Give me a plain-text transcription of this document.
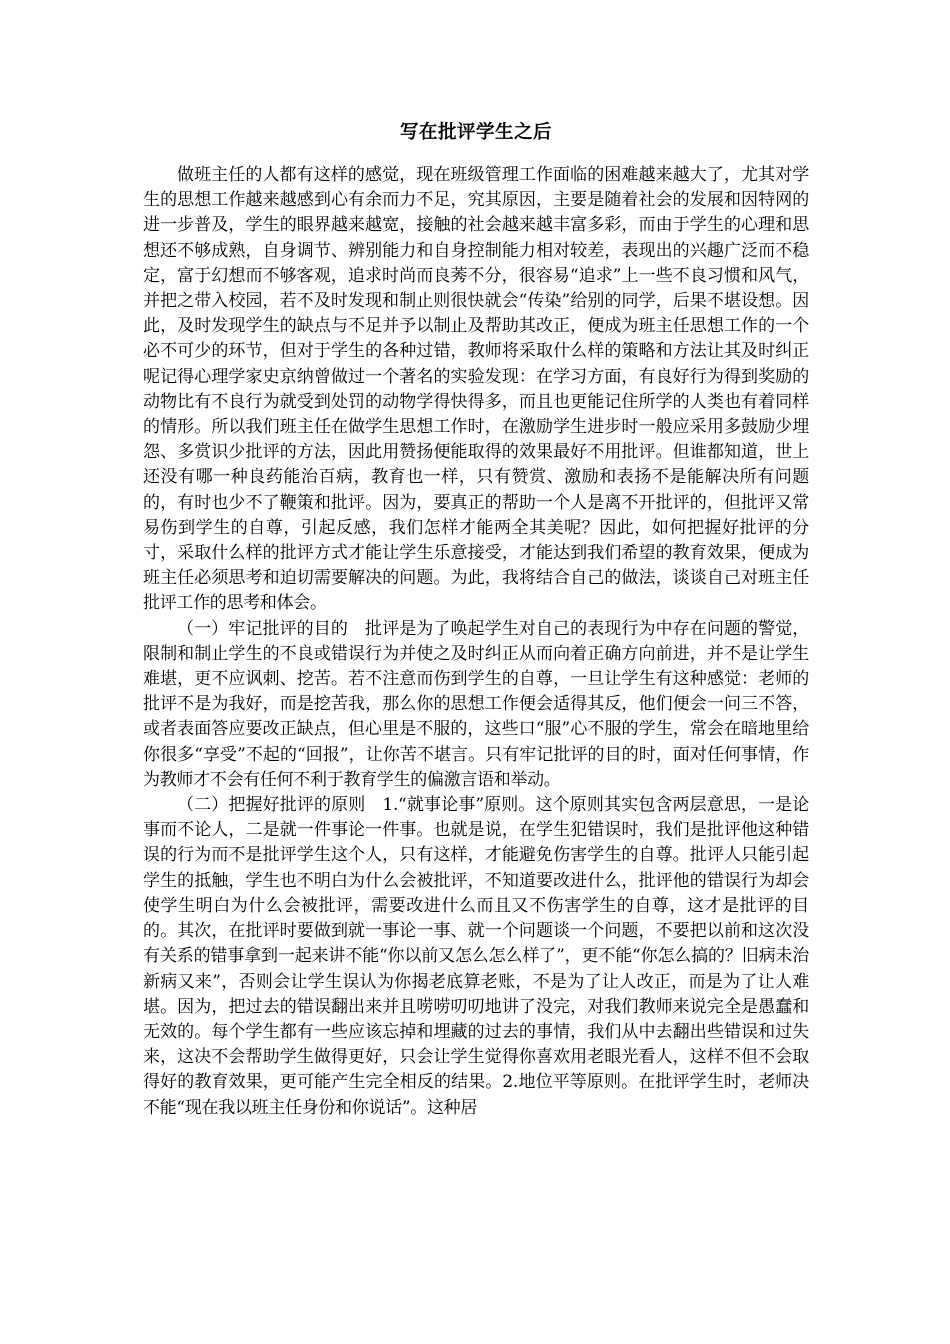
写在批评学生之后

做班主任的人都有这样的感觉，现在班级管理工作面临的困难越来越大了，尤其对学生的思想工作越来越感到心有余而力不足，究其原因，主要是随着社会的发展和因特网的进一步普及，学生的眼界越来越宽，接触的社会越来越丰富多彩，而由于学生的心理和思想还不够成熟，自身调节、辨别能力和自身控制能力相对较差，表现出的兴趣广泛而不稳定，富于幻想而不够客观，追求时尚而良莠不分，很容易“追求”上一些不良习惯和风气，并把之带入校园，若不及时发现和制止则很快就会“传染”给别的同学，后果不堪设想。因此，及时发现学生的缺点与不足并予以制止及帮助其改正，便成为班主任思想工作的一个必不可少的环节，但对于学生的各种过错，教师将采取什么样的策略和方法让其及时纠正呢记得心理学家史京纳曾做过一个著名的实验发现：在学习方面，有良好行为得到奖励的动物比有不良行为就受到处罚的动物学得快得多，而且也更能记住所学的人类也有着同样的情形。所以我们班主任在做学生思想工作时，在激励学生进步时一般应采用多鼓励少埋怨、多赏识少批评的方法，因此用赞扬便能取得的效果最好不用批评。但谁都知道，世上还没有哪一种良药能治百病，教育也一样，只有赞赏、激励和表扬不是能解决所有问题的，有时也少不了鞭策和批评。因为，要真正的帮助一个人是离不开批评的，但批评又常易伤到学生的自尊，引起反感，我们怎样才能两全其美呢？因此，如何把握好批评的分寸，采取什么样的批评方式才能让学生乐意接受，才能达到我们希望的教育效果，便成为班主任必须思考和迫切需要解决的问题。为此，我将结合自己的做法，谈谈自己对班主任批评工作的思考和体会。

（一）牢记批评的目的　批评是为了唤起学生对自己的表现行为中存在问题的警觉，限制和制止学生的不良或错误行为并使之及时纠正从而向着正确方向前进，并不是让学生难堪，更不应讽刺、挖苦。若不注意而伤到学生的自尊，一旦让学生有这种感觉：老师的批评不是为我好，而是挖苦我，那么你的思想工作便会适得其反，他们便会一问三不答，或者表面答应要改正缺点，但心里是不服的，这些口“服”心不服的学生，常会在暗地里给你很多“享受”不起的“回报”，让你苦不堪言。只有牢记批评的目的时，面对任何事情，作为教师才不会有任何不利于教育学生的偏激言语和举动。

（二）把握好批评的原则　1.“就事论事”原则。这个原则其实包含两层意思，一是论事而不论人，二是就一件事论一件事。也就是说，在学生犯错误时，我们是批评他这种错误的行为而不是批评学生这个人，只有这样，才能避免伤害学生的自尊。批评人只能引起学生的抵触，学生也不明白为什么会被批评，不知道要改进什么，批评他的错误行为却会使学生明白为什么会被批评，需要改进什么而且又不伤害学生的自尊，这才是批评的目的。其次，在批评时要做到就一事论一事、就一个问题谈一个问题，不要把以前和这次没有关系的错事拿到一起来讲不能“你以前又怎么怎么样了”，更不能“你怎么搞的？旧病未治新病又来”，否则会让学生误认为你揭老底算老账，不是为了让人改正，而是为了让人难堪。因为，把过去的错误翻出来并且唠唠叨叨地讲了没完，对我们教师来说完全是愚蠢和无效的。每个学生都有一些应该忘掉和埋藏的过去的事情，我们从中去翻出些错误和过失来，这决不会帮助学生做得更好，只会让学生觉得你喜欢用老眼光看人，这样不但不会取得好的教育效果，更可能产生完全相反的结果。2.地位平等原则。在批评学生时，老师决不能“现在我以班主任身份和你说话”。这种居
